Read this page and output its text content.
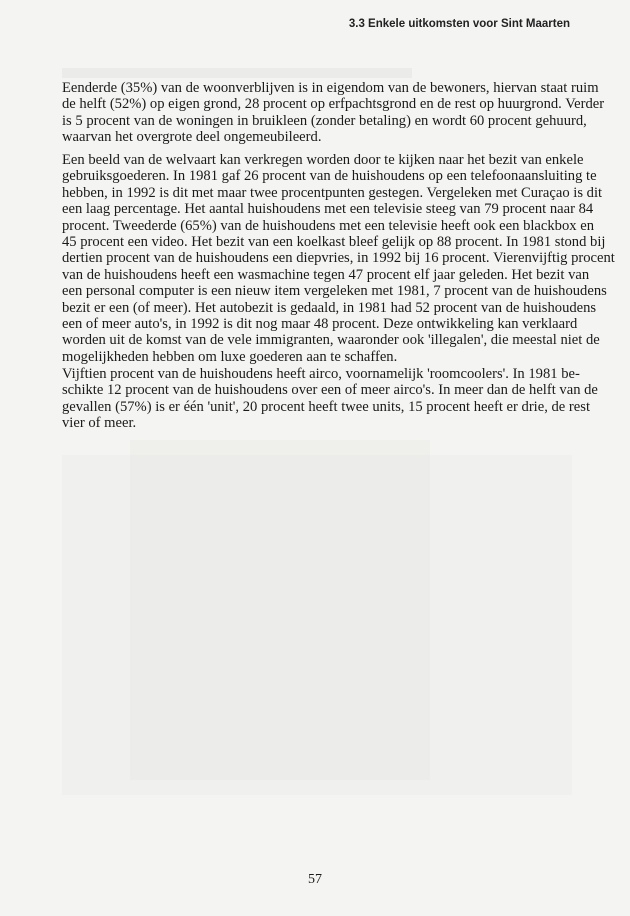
3.3 Enkele uitkomsten voor Sint Maarten
Eenderde (35%) van de woonverblijven is in eigendom van de bewoners, hiervan staat ruim
de helft (52%) op eigen grond, 28 procent op erfpachtsgrond en de rest op huurgrond. Verder
is 5 procent van de woningen in bruikleen (zonder betaling) en wordt 60 procent gehuurd,
waarvan het overgrote deel ongemeubileerd.
Een beeld van de welvaart kan verkregen worden door te kijken naar het bezit van enkele
gebruiksgoederen. In 1981 gaf 26 procent van de huishoudens op een telefoonaansluiting te
hebben, in 1992 is dit met maar twee procentpunten gestegen. Vergeleken met Curaçao is dit
een laag percentage. Het aantal huishoudens met een televisie steeg van 79 procent naar 84
procent. Tweederde (65%) van de huishoudens met een televisie heeft ook een blackbox en
45 procent een video. Het bezit van een koelkast bleef gelijk op 88 procent. In 1981 stond bij
dertien procent van de huishoudens een diepvries, in 1992 bij 16 procent. Vierenvijftig procent
van de huishoudens heeft een wasmachine tegen 47 procent elf jaar geleden. Het bezit van
een personal computer is een nieuw item vergeleken met 1981, 7 procent van de huishoudens
bezit er een (of meer). Het autobezit is gedaald, in 1981 had 52 procent van de huishoudens
een of meer auto's, in 1992 is dit nog maar 48 procent. Deze ontwikkeling kan verklaard
worden uit de komst van de vele immigranten, waaronder ook 'illegalen', die meestal niet de
mogelijkheden hebben om luxe goederen aan te schaffen.
Vijftien procent van de huishoudens heeft airco, voornamelijk 'roomcoolers'. In 1981 be-
schikte 12 procent van de huishoudens over een of meer airco's. In meer dan de helft van de
gevallen (57%) is er één 'unit', 20 procent heeft twee units, 15 procent heeft er drie, de rest
vier of meer.
57
